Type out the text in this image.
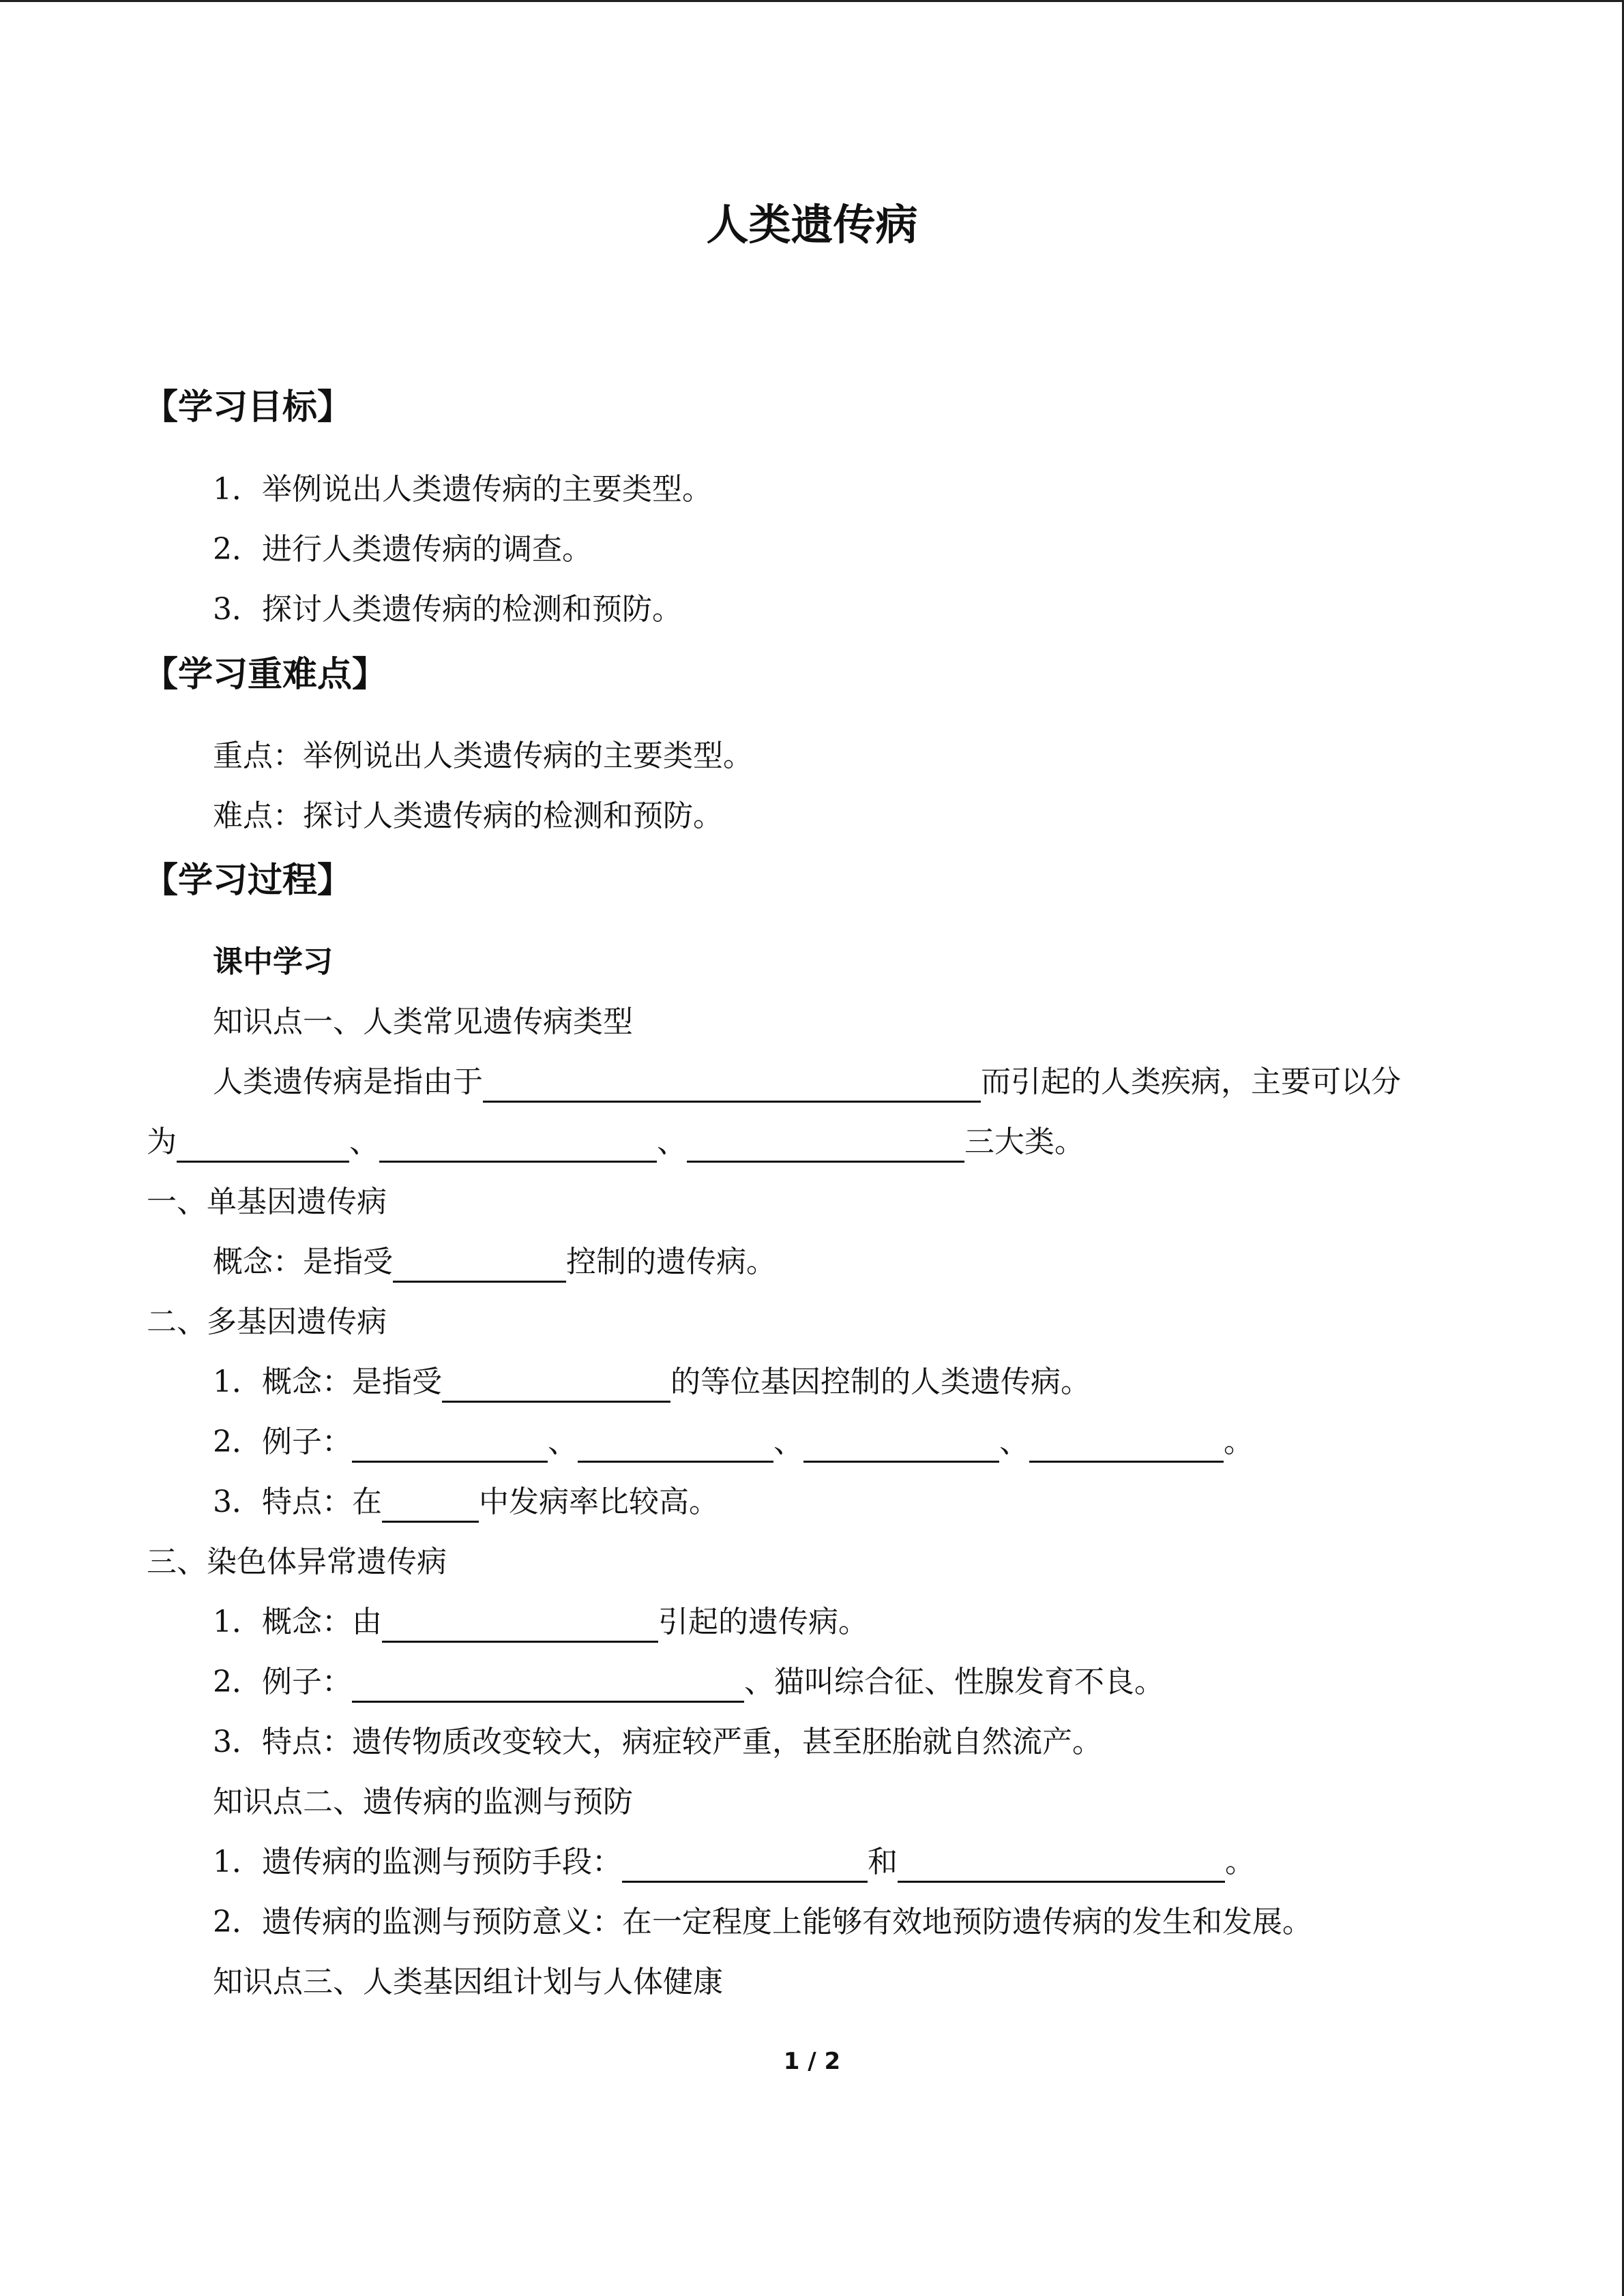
人类遗传病
【学习目标】
1．举例说出人类遗传病的主要类型。
2．进行人类遗传病的调查。
3．探讨人类遗传病的检测和预防。
【学习重难点】
重点：举例说出人类遗传病的主要类型。
难点：探讨人类遗传病的检测和预防。
【学习过程】
课中学习
知识点一、人类常见遗传病类型
人类遗传病是指由于	而引起的人类疾病，主要可以分
为	、	、	三大类。
一、单基因遗传病
概念：是指受	控制的遗传病。
二、多基因遗传病
1．概念：是指受	的等位基因控制的人类遗传病。
2．例子：	、	、	、	。
3．特点：在	中发病率比较高。
三、染色体异常遗传病
1．概念：由	引起的遗传病。
2．例子：	、猫叫综合征、性腺发育不良。
3．特点：遗传物质改变较大，病症较严重，甚至胚胎就自然流产。
知识点二、遗传病的监测与预防
1．遗传病的监测与预防手段：	和	。
2．遗传病的监测与预防意义：在一定程度上能够有效地预防遗传病的发生和发展。
知识点三、人类基因组计划与人体健康
1 / 2
